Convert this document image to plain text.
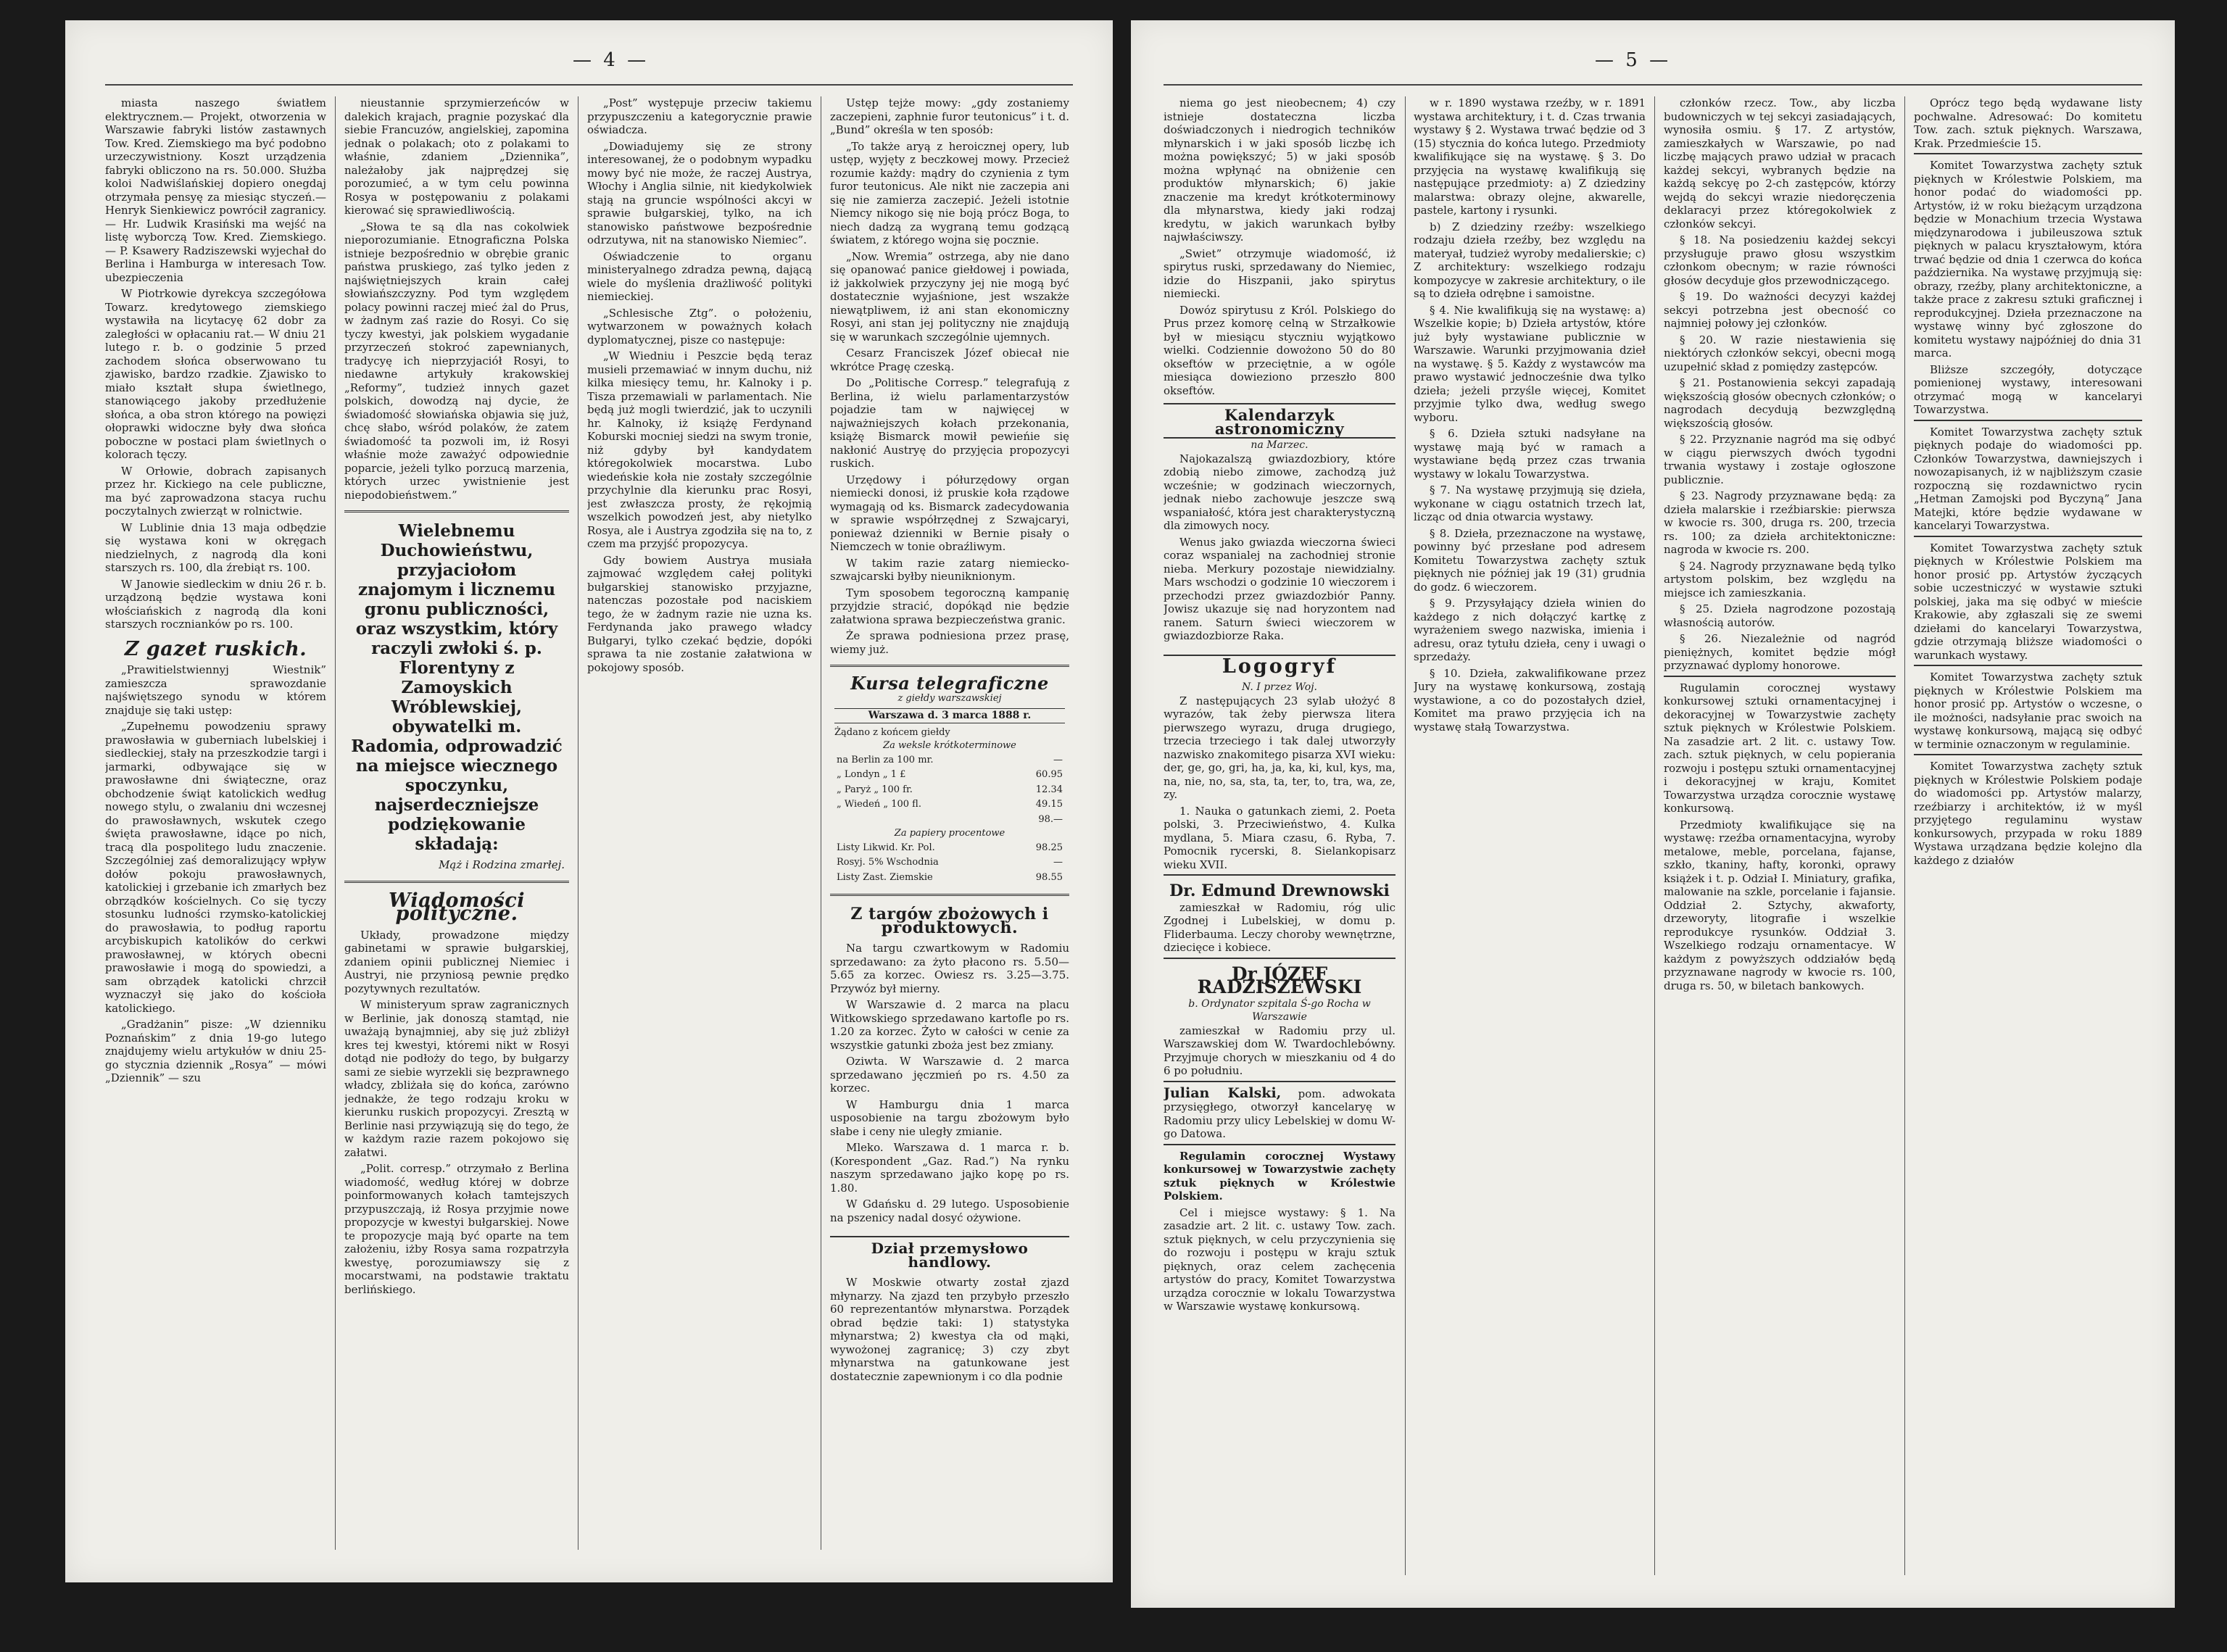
— 4 —

miasta naszego światłem elektrycznem.— Projekt, otworzenia w Warszawie fabryki listów zastawnych Tow. Kred. Ziemskiego ma być podobno urzeczywistniony. Koszt urządzenia fabryki obliczono na rs. 50.000. Służba koloi Nadwiślańskiej dopiero onegdaj otrzymała pensyę za miesiąc styczeń.— Henryk Sienkiewicz powrócił zagranicy.— Hr. Ludwik Krasiński ma wejść na listę wyborczą Tow. Kred. Ziemskiego.— P. Ksawery Radziszewski wyjechał do Berlina i Hamburga w interesach Tow. ubezpieczenia

W Piotrkowie dyrekcya szczegółowa Towarz. kredytowego ziemskiego wystawiła na licytacyę 62 dobr za zaległości w opłacaniu rat.— W dniu 21 lutego r. b. o godzinie 5 przed zachodem słońca obserwowano tu zjawisko, bardzo rzadkie. Zjawisko to miało kształt słupa świetlnego, stanowiącego jakoby przedłużenie słońca, a oba stron którego na powięzi ołoprawki widoczne były dwa słońca poboczne w postaci plam świetlnych o kolorach tęczy.

W Orłowie, dobrach zapisanych przez hr. Kickiego na cele publiczne, ma być zaprowadzona stacya ruchu poczytalnych zwierząt w rolnictwie.

W Lublinie dnia 13 maja odbędzie się wystawa koni w okręgach niedzielnych, z nagrodą dla koni starszych rs. 100, dla źrebiąt rs. 100.

W Janowie siedleckim w dniu 26 r. b. urządzoną będzie wystawa koni włościańskich z nagrodą dla koni starszych rocznianków po rs. 100.

Z gazet ruskich.

„Prawitielstwiennyj Wiestnik” zamieszcza sprawozdanie najświętszego synodu w którem znajduje się taki ustęp:

„Zupełnemu powodzeniu sprawy prawosławia w guberniach lubelskiej i siedleckiej, stały na przeszkodzie targi i jarmarki, odbywające się w prawosławne dni świąteczne, oraz obchodzenie świąt katolickich według nowego stylu, o zwalaniu dni wczesnej do prawosławnych, wskutek czego święta prawosławne, idące po nich, tracą dla pospolitego ludu znaczenie. Szczególniej zaś demoralizujący wpływ dołów pokoju prawosławnych, katolickiej i grzebanie ich zmarłych bez obrządków kościelnych. Co się tyczy stosunku ludności rzymsko-katolickiej do prawosławia, to podług raportu arcybiskupich katolików do cerkwi prawosławnej, w których obecni prawosławie i mogą do spowiedzi, a sam obrządek katolicki chrzcił wyznaczył się jako do kościoła katolickiego.

„Gradżanin” pisze: „W dzienniku Poznańskim” z dnia 19-go lutego znajdujemy wielu artykułów w dniu 25-go stycznia dziennik „Rosya” — mówi „Dziennik” — szu

nieustannie sprzymierzeńców w dalekich krajach, pragnie pozyskać dla siebie Francuzów, angielskiej, zapomina jednak o polakach; oto z polakami to właśnie, zdaniem „Dziennika”, należałoby jak najprędzej się porozumieć, a w tym celu powinna Rosya w postępowaniu z polakami kierować się sprawiedliwością.

„Słowa te są dla nas cokolwiek nieporozumianie. Etnograficzna Polska istnieje bezpośrednio w obrębie granic państwa pruskiego, zaś tylko jeden z najświętniejszych krain całej słowiańszczyzny. Pod tym względem polacy powinni raczej mieć żal do Prus, w żadnym zaś razie do Rosyi. Co się tyczy kwestyi, jak polskiem wygadanie przyrzeczeń stokroć zapewnianych, tradycyę ich nieprzyjaciół Rosyi, to niedawne artykuły krakowskiej „Reformy”, tudzież innych gazet polskich, dowodzą naj dycie, że świadomość słowiańska objawia się już, chcę słabo, wśród polaków, że zatem świadomość ta pozwoli im, iż Rosyi właśnie może zaważyć odpowiednie poparcie, jeżeli tylko porzucą marzenia, których urzec ywistnienie jest niepodobieństwem.”

Wielebnemu Duchowieństwu, przyjaciołom znajomym i licznemu gronu publiczności, oraz wszystkim, który raczyli zwłoki ś. p. Florentyny z Zamoyskich Wróblewskiej, obywatelki m. Radomia, odprowadzić na miejsce wiecznego spoczynku, najserdeczniejsze podziękowanie składają:
Mąż i Rodzina zmarłej.
Wiadomości polityczne.

Układy, prowadzone między gabinetami w sprawie bułgarskiej, zdaniem opinii publicznej Niemiec i Austryi, nie przyniosą pewnie prędko pozytywnych rezultatów.

W ministeryum spraw zagranicznych w Berlinie, jak donoszą stamtąd, nie uważają bynajmniej, aby się już zbliżył kres tej kwestyi, któremi nikt w Rosyi dotąd nie podłoży do tego, by bułgarzy sami ze siebie wyrzekli się bezprawnego władcy, zbliżała się do końca, zarówno jednakże, że tego rodzaju kroku w kierunku ruskich propozycyi. Zresztą w Berlinie nasi przywiązują się do tego, że w każdym razie razem pokojowo się załatwi.

„Polit. corresp.” otrzymało z Berlina wiadomość, według której w dobrze poinformowanych kołach tamtejszych przypuszczają, iż Rosya przyjmie nowe propozycje w kwestyi bułgarskiej. Nowe te propozycje mają być oparte na tem założeniu, iżby Rosya sama rozpatrzyła kwestyę, porozumiawszy się z mocarstwami, na podstawie traktatu berlińskiego.

„Post” występuje przeciw takiemu przypuszczeniu a kategorycznie prawie oświadcza.

„Dowiadujemy się ze strony interesowanej, że o podobnym wypadku mowy być nie może, że raczej Austrya, Włochy i Anglia silnie, nit kiedykolwiek stają na gruncie wspólności akcyi w sprawie bułgarskiej, tylko, na ich stanowisko państwowe bezpośrednie odrzutywa, nit na stanowisko Niemiec”.

Oświadczenie to organu ministeryalnego zdradza pewną, dającą wiele do myślenia drażliwość polityki niemieckiej.

„Schlesische Ztg”. o położeniu, wytwarzonem w poważnych kołach dyplomatycznej, pisze co następuje:

„W Wiedniu i Peszcie będą teraz musieli przemawiać w innym duchu, niż kilka miesięcy temu, hr. Kalnoky i p. Tisza przemawiali w parlamentach. Nie będą już mogli twierdzić, jak to uczynili hr. Kalnoky, iż książę Ferdynand Koburski mocniej siedzi na swym tronie, niż gdyby był kandydatem któregokolwiek mocarstwa. Lubo wiedeńskie koła nie zostały szczególnie przychylnie dla kierunku prac Rosyi, jest zwłaszcza prosty, że rękojmią wszelkich powodzeń jest, aby nietylko Rosya, ale i Austrya zgodziła się na to, z czem ma przyjść propozycya.

Gdy bowiem Austrya musiała zajmować względem całej polityki bułgarskiej stanowisko przyjazne, natenczas pozostałe pod naciskiem tego, że w żadnym razie nie uzna ks. Ferdynanda jako prawego władcy Bułgaryi, tylko czekać będzie, dopóki sprawa ta nie zostanie załatwiona w pokojowy sposób.

Ustęp tejże mowy: „gdy zostaniemy zaczepieni, zaphnie furor teutonicus” i t. d. „Bund” określa w ten sposób:

„To także aryą z heroicznej opery, lub ustęp, wyjęty z beczkowej mowy. Przecież rozumie każdy: mądry do czynienia z tym furor teutonicus. Ale nikt nie zaczepia ani się nie zamierza zaczepić. Jeżeli istotnie Niemcy nikogo się nie boją prócz Boga, to niech dadzą za wygraną temu godzącą światem, z którego wojna się pocznie.

„Now. Wremia” ostrzega, aby nie dano się opanować panice giełdowej i powiada, iż jakkolwiek przyczyny jej nie mogą być dostatecznie wyjaśnione, jest wszakże niewątpliwem, iż ani stan ekonomiczny Rosyi, ani stan jej polityczny nie znajdują się w warunkach szczególnie ujemnych.

Cesarz Franciszek Józef obiecał nie wkrótce Pragę czeską.

Do „Politische Corresp.” telegrafują z Berlina, iż wielu parlamentarzystów pojadzie tam w najwięcej w najważniejszych kołach przekonania, książę Bismarck mowił pewieńie się nakłonić Austryę do przyjęcia propozycyi ruskich.

Urzędowy i półurzędowy organ niemiecki donosi, iż pruskie koła rządowe wymagają od ks. Bismarck zadecydowania w sprawie współrzędnej z Szwajcaryi, ponieważ dzienniki w Bernie pisały o Niemczech w tonie obraźliwym.

W takim razie zatarg niemiecko-szwajcarski byłby nieuniknionym.

Tym sposobem tegoroczną kampanię przyjdzie stracić, dopókąd nie będzie załatwiona sprawa bezpieczeństwa granic.

Że sprawa podniesiona przez prasę, wiemy już.

Kursa telegraficzne
z giełdy warszawskiej
Warszawa d. 3 marca 1888 r.
Żądano z końcem giełdy
Za weksle krótkoterminowe
na Berlin za 100 mr.	—
„ Londyn „ 1 £	60.95
„ Paryż „ 100 fr.	12.34
„ Wiedeń „ 100 fl.	49.15
	98.—
Za papiery procentowe
Listy Likwid. Kr. Pol.	98.25
Rosyj. 5% Wschodnia	—
Listy Zast. Ziemskie	98.55
Z targów zbożowych i produktowych.

Na targu czwartkowym w Radomiu sprzedawano: za żyto płacono rs. 5.50—5.65 za korzec. Owiesz rs. 3.25—3.75. Przywóz był mierny.

W Warszawie d. 2 marca na placu Witkowskiego sprzedawano kartofle po rs. 1.20 za korzec. Żyto w całości w cenie za wszystkie gatunki zboża jest bez zmiany.

Oziwta. W Warszawie d. 2 marca sprzedawano jęczmień po rs. 4.50 za korzec.

W Hamburgu dnia 1 marca usposobienie na targu zbożowym było słabe i ceny nie uległy zmianie.

Mleko. Warszawa d. 1 marca r. b. (Korespondent „Gaz. Rad.”) Na rynku naszym sprzedawano jajko kopę po rs. 1.80.

W Gdańsku d. 29 lutego. Usposobienie na pszenicy nadal dosyć ożywione.

Dział przemysłowo handlowy.

W Moskwie otwarty został zjazd młynarzy. Na zjazd ten przybyło przeszło 60 reprezentantów młynarstwa. Porządek obrad będzie taki: 1) statystyka młynarstwa; 2) kwestya cła od mąki, wywożonej zagranicę; 3) czy zbyt młynarstwa na gatunkowane jest dostatecznie zapewnionym i co dla podnie

— 5 —

niema go jest nieobecnem; 4) czy istnieje dostateczna liczba doświadczonych i niedrogich techników młynarskich i w jaki sposób liczbę ich można powiększyć; 5) w jaki sposób można wpłynąć na obniżenie cen produktów młynarskich; 6) jakie znaczenie ma kredyt krótkoterminowy dla młynarstwa, kiedy jaki rodzaj kredytu, w jakich warunkach byłby najwłaściwszy.

„Swiet” otrzymuje wiadomość, iż spirytus ruski, sprzedawany do Niemiec, idzie do Hiszpanii, jako spirytus niemiecki.

Dowóz spirytusu z Król. Polskiego do Prus przez komorę celną w Strzałkowie był w miesiącu styczniu wyjątkowo wielki. Codziennie dowożono 50 do 80 okseftów w przeciętnie, a w ogóle miesiąca dowieziono przeszło 800 okseftów.

Kalendarzyk astronomiczny
na Marzec.

Najokazalszą gwiazdozbiory, które zdobią niebo zimowe, zachodzą już wcześnie; w godzinach wieczornych, jednak niebo zachowuje jeszcze swą wspaniałość, która jest charakterystyczną dla zimowych nocy.

Wenus jako gwiazda wieczorna świeci coraz wspanialej na zachodniej stronie nieba. Merkury pozostaje niewidzialny. Mars wschodzi o godzinie 10 wieczorem i przechodzi przez gwiazdozbiór Panny. Jowisz ukazuje się nad horyzontem nad ranem. Saturn świeci wieczorem w gwiazdozbiorze Raka.

Logogryf
N. I przez Woj.

Z następujących 23 sylab ułożyć 8 wyrazów, tak żeby pierwsza litera pierwszego wyrazu, druga drugiego, trzecia trzeciego i tak dalej utworzyły nazwisko znakomitego pisarza XVI wieku: der, ge, go, gri, ha, ja, ka, ki, kul, kys, ma, na, nie, no, sa, sta, ta, ter, to, tra, wa, ze, zy.

1. Nauka o gatunkach ziemi, 2. Poeta polski, 3. Przeciwieństwo, 4. Kulka mydlana, 5. Miara czasu, 6. Ryba, 7. Pomocnik rycerski, 8. Sielankopisarz wieku XVII.

Dr. Edmund Drewnowski

zamieszkał w Radomiu, róg ulic Zgodnej i Lubelskiej, w domu p. Fliderbauma. Leczy choroby wewnętrzne, dziecięce i kobiece.

Dr JÓZEF RADZISZEWSKI
b. Ordynator szpitala Ś-go Rocha w Warszawie

zamieszkał w Radomiu przy ul. Warszawskiej dom W. Twardochlebówny. Przyjmuje chorych w mieszkaniu od 4 do 6 po południu.

Julian Kalski, pom. adwokata przysięgłego, otworzył kancelaryę w Radomiu przy ulicy Lebelskiej w domu W-go Datowa.

Regulamin corocznej Wystawy konkursowej w Towarzystwie zachęty sztuk pięknych w Królestwie Polskiem.

Cel i miejsce wystawy: § 1. Na zasadzie art. 2 lit. c. ustawy Tow. zach. sztuk pięknych, w celu przyczynienia się do rozwoju i postępu w kraju sztuk pięknych, oraz celem zachęcenia artystów do pracy, Komitet Towarzystwa urządza corocznie w lokalu Towarzystwa w Warszawie wystawę konkursową.

w r. 1890 wystawa rzeźby, w r. 1891 wystawa architektury, i t. d. Czas trwania wystawy § 2. Wystawa trwać będzie od 3 (15) stycznia do końca lutego. Przedmioty kwalifikujące się na wystawę. § 3. Do przyjęcia na wystawę kwalifikują się następujące przedmioty: a) Z dziedziny malarstwa: obrazy olejne, akwarelle, pastele, kartony i rysunki.

b) Z dziedziny rzeźby: wszelkiego rodzaju dzieła rzeźby, bez względu na materyał, tudzież wyroby medalierskie; c) Z architektury: wszelkiego rodzaju kompozycye w zakresie architektury, o ile są to dzieła odrębne i samoistne.

§ 4. Nie kwalifikują się na wystawę: a) Wszelkie kopie; b) Dzieła artystów, które już były wystawiane publicznie w Warszawie. Warunki przyjmowania dzieł na wystawę. § 5. Każdy z wystawców ma prawo wystawić jednocześnie dwa tylko dzieła; jeżeli przyśle więcej, Komitet przyjmie tylko dwa, według swego wyboru.

§ 6. Dzieła sztuki nadsyłane na wystawę mają być w ramach a wystawiane będą przez czas trwania wystawy w lokalu Towarzystwa.

§ 7. Na wystawę przyjmują się dzieła, wykonane w ciągu ostatnich trzech lat, licząc od dnia otwarcia wystawy.

§ 8. Dzieła, przeznaczone na wystawę, powinny być przesłane pod adresem Komitetu Towarzystwa zachęty sztuk pięknych nie później jak 19 (31) grudnia do godz. 6 wieczorem.

§ 9. Przysyłający dzieła winien do każdego z nich dołączyć kartkę z wyrażeniem swego nazwiska, imienia i adresu, oraz tytułu dzieła, ceny i uwagi o sprzedaży.

§ 10. Dzieła, zakwalifikowane przez Jury na wystawę konkursową, zostają wystawione, a co do pozostałych dzieł, Komitet ma prawo przyjęcia ich na wystawę stałą Towarzystwa.

członków rzecz. Tow., aby liczba budowniczych w tej sekcyi zasiadających, wynosiła osmiu. § 17. Z artystów, zamieszkałych w Warszawie, po nad liczbę mających prawo udział w pracach każdej sekcyi, wybranych będzie na każdą sekcyę po 2-ch zastępców, którzy wejdą do sekcyi wrazie niedoręczenia deklaracyi przez któregokolwiek z członków sekcyi.

§ 18. Na posiedzeniu każdej sekcyi przysługuje prawo głosu wszystkim członkom obecnym; w razie równości głosów decyduje głos przewodniczącego.

§ 19. Do ważności decyzyi każdej sekcyi potrzebna jest obecność co najmniej połowy jej członków.

§ 20. W razie niestawienia się niektórych członków sekcyi, obecni mogą uzupełnić skład z pomiędzy zastępców.

§ 21. Postanowienia sekcyi zapadają większością głosów obecnych członków; o nagrodach decydują bezwzględną większością głosów.

§ 22. Przyznanie nagród ma się odbyć w ciągu pierwszych dwóch tygodni trwania wystawy i zostaje ogłoszone publicznie.

§ 23. Nagrody przyznawane będą: za dzieła malarskie i rzeźbiarskie: pierwsza w kwocie rs. 300, druga rs. 200, trzecia rs. 100; za dzieła architektoniczne: nagroda w kwocie rs. 200.

§ 24. Nagrody przyznawane będą tylko artystom polskim, bez względu na miejsce ich zamieszkania.

§ 25. Dzieła nagrodzone pozostają własnością autorów.

§ 26. Niezależnie od nagród pieniężnych, komitet będzie mógł przyznawać dyplomy honorowe.

Rugulamin corocznej wystawy konkursowej sztuki ornamentacyjnej i dekoracyjnej w Towarzystwie zachęty sztuk pięknych w Królestwie Polskiem. Na zasadzie art. 2 lit. c. ustawy Tow. zach. sztuk pięknych, w celu popierania rozwoju i postępu sztuki ornamentacyjnej i dekoracyjnej w kraju, Komitet Towarzystwa urządza corocznie wystawę konkursową.

Przedmioty kwalifikujące się na wystawę: rzeźba ornamentacyjna, wyroby metalowe, meble, porcelana, fajanse, szkło, tkaniny, hafty, koronki, oprawy książek i t. p. Odział I. Miniatury, grafika, malowanie na szkle, porcelanie i fajansie. Oddział 2. Sztychy, akwaforty, drzeworyty, litografie i wszelkie reprodukcye rysunków. Oddział 3. Wszelkiego rodzaju ornamentacye. W każdym z powyższych oddziałów będą przyznawane nagrody w kwocie rs. 100, druga rs. 50, w biletach bankowych.

Oprócz tego będą wydawane listy pochwalne. Adresować: Do komitetu Tow. zach. sztuk pięknych. Warszawa, Krak. Przedmieście 15.

Komitet Towarzystwa zachęty sztuk pięknych w Królestwie Polskiem, ma honor podać do wiadomości pp. Artystów, iż w roku bieżącym urządzona będzie w Monachium trzecia Wystawa międzynarodowa i jubileuszowa sztuk pięknych w palacu kryształowym, która trwać będzie od dnia 1 czerwca do końca października. Na wystawę przyjmują się: obrazy, rzeźby, plany architektoniczne, a także prace z zakresu sztuki graficznej i reprodukcyjnej. Dzieła przeznaczone na wystawę winny być zgłoszone do komitetu wystawy najpóźniej do dnia 31 marca.

Bliższe szczegóły, dotyczące pomienionej wystawy, interesowani otrzymać mogą w kancelaryi Towarzystwa.

Komitet Towarzystwa zachęty sztuk pięknych podaje do wiadomości pp. Członków Towarzystwa, dawniejszych i nowozapisanych, iż w najbliższym czasie rozpoczną się rozdawnictwo rycin „Hetman Zamojski pod Byczyną” Jana Matejki, które będzie wydawane w kancelaryi Towarzystwa.

Komitet Towarzystwa zachęty sztuk pięknych w Królestwie Polskiem ma honor prosić pp. Artystów życzących sobie uczestniczyć w wystawie sztuki polskiej, jaka ma się odbyć w mieście Krakowie, aby zgłaszali się ze swemi dziełami do kancelaryi Towarzystwa, gdzie otrzymają bliższe wiadomości o warunkach wystawy.

Komitet Towarzystwa zachęty sztuk pięknych w Królestwie Polskiem ma honor prosić pp. Artystów o wczesne, o ile możności, nadsyłanie prac swoich na wystawę konkursową, mającą się odbyć w terminie oznaczonym w regulaminie.

Komitet Towarzystwa zachęty sztuk pięknych w Królestwie Polskiem podaje do wiadomości pp. Artystów malarzy, rzeźbiarzy i architektów, iż w myśl przyjętego regulaminu wystaw konkursowych, przypada w roku 1889 Wystawa urządzana będzie kolejno dla każdego z działów
